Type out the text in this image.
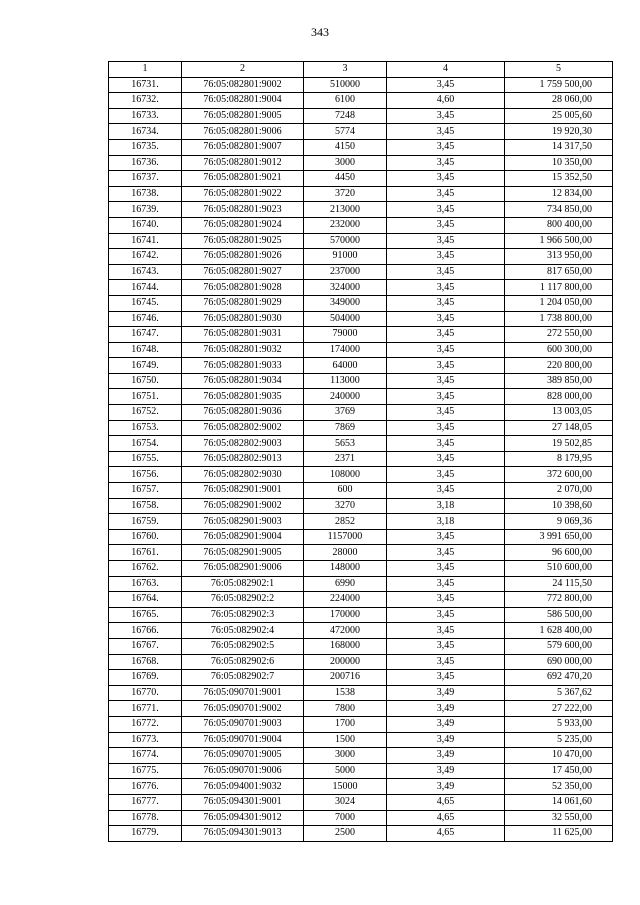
343
1	2	3	4	5
16731.	76:05:082801:9002	510000	3,45	1 759 500,00
16732.	76:05:082801:9004	6100	4,60	28 060,00
16733.	76:05:082801:9005	7248	3,45	25 005,60
16734.	76:05:082801:9006	5774	3,45	19 920,30
16735.	76:05:082801:9007	4150	3,45	14 317,50
16736.	76:05:082801:9012	3000	3,45	10 350,00
16737.	76:05:082801:9021	4450	3,45	15 352,50
16738.	76:05:082801:9022	3720	3,45	12 834,00
16739.	76:05:082801:9023	213000	3,45	734 850,00
16740.	76:05:082801:9024	232000	3,45	800 400,00
16741.	76:05:082801:9025	570000	3,45	1 966 500,00
16742.	76:05:082801:9026	91000	3,45	313 950,00
16743.	76:05:082801:9027	237000	3,45	817 650,00
16744.	76:05:082801:9028	324000	3,45	1 117 800,00
16745.	76:05:082801:9029	349000	3,45	1 204 050,00
16746.	76:05:082801:9030	504000	3,45	1 738 800,00
16747.	76:05:082801:9031	79000	3,45	272 550,00
16748.	76:05:082801:9032	174000	3,45	600 300,00
16749.	76:05:082801:9033	64000	3,45	220 800,00
16750.	76:05:082801:9034	113000	3,45	389 850,00
16751.	76:05:082801:9035	240000	3,45	828 000,00
16752.	76:05:082801:9036	3769	3,45	13 003,05
16753.	76:05:082802:9002	7869	3,45	27 148,05
16754.	76:05:082802:9003	5653	3,45	19 502,85
16755.	76:05:082802:9013	2371	3,45	8 179,95
16756.	76:05:082802:9030	108000	3,45	372 600,00
16757.	76:05:082901:9001	600	3,45	2 070,00
16758.	76:05:082901:9002	3270	3,18	10 398,60
16759.	76:05:082901:9003	2852	3,18	9 069,36
16760.	76:05:082901:9004	1157000	3,45	3 991 650,00
16761.	76:05:082901:9005	28000	3,45	96 600,00
16762.	76:05:082901:9006	148000	3,45	510 600,00
16763.	76:05:082902:1	6990	3,45	24 115,50
16764.	76:05:082902:2	224000	3,45	772 800,00
16765.	76:05:082902:3	170000	3,45	586 500,00
16766.	76:05:082902:4	472000	3,45	1 628 400,00
16767.	76:05:082902:5	168000	3,45	579 600,00
16768.	76:05:082902:6	200000	3,45	690 000,00
16769.	76:05:082902:7	200716	3,45	692 470,20
16770.	76:05:090701:9001	1538	3,49	5 367,62
16771.	76:05:090701:9002	7800	3,49	27 222,00
16772.	76:05:090701:9003	1700	3,49	5 933,00
16773.	76:05:090701:9004	1500	3,49	5 235,00
16774.	76:05:090701:9005	3000	3,49	10 470,00
16775.	76:05:090701:9006	5000	3,49	17 450,00
16776.	76:05:094001:9032	15000	3,49	52 350,00
16777.	76:05:094301:9001	3024	4,65	14 061,60
16778.	76:05:094301:9012	7000	4,65	32 550,00
16779.	76:05:094301:9013	2500	4,65	11 625,00
